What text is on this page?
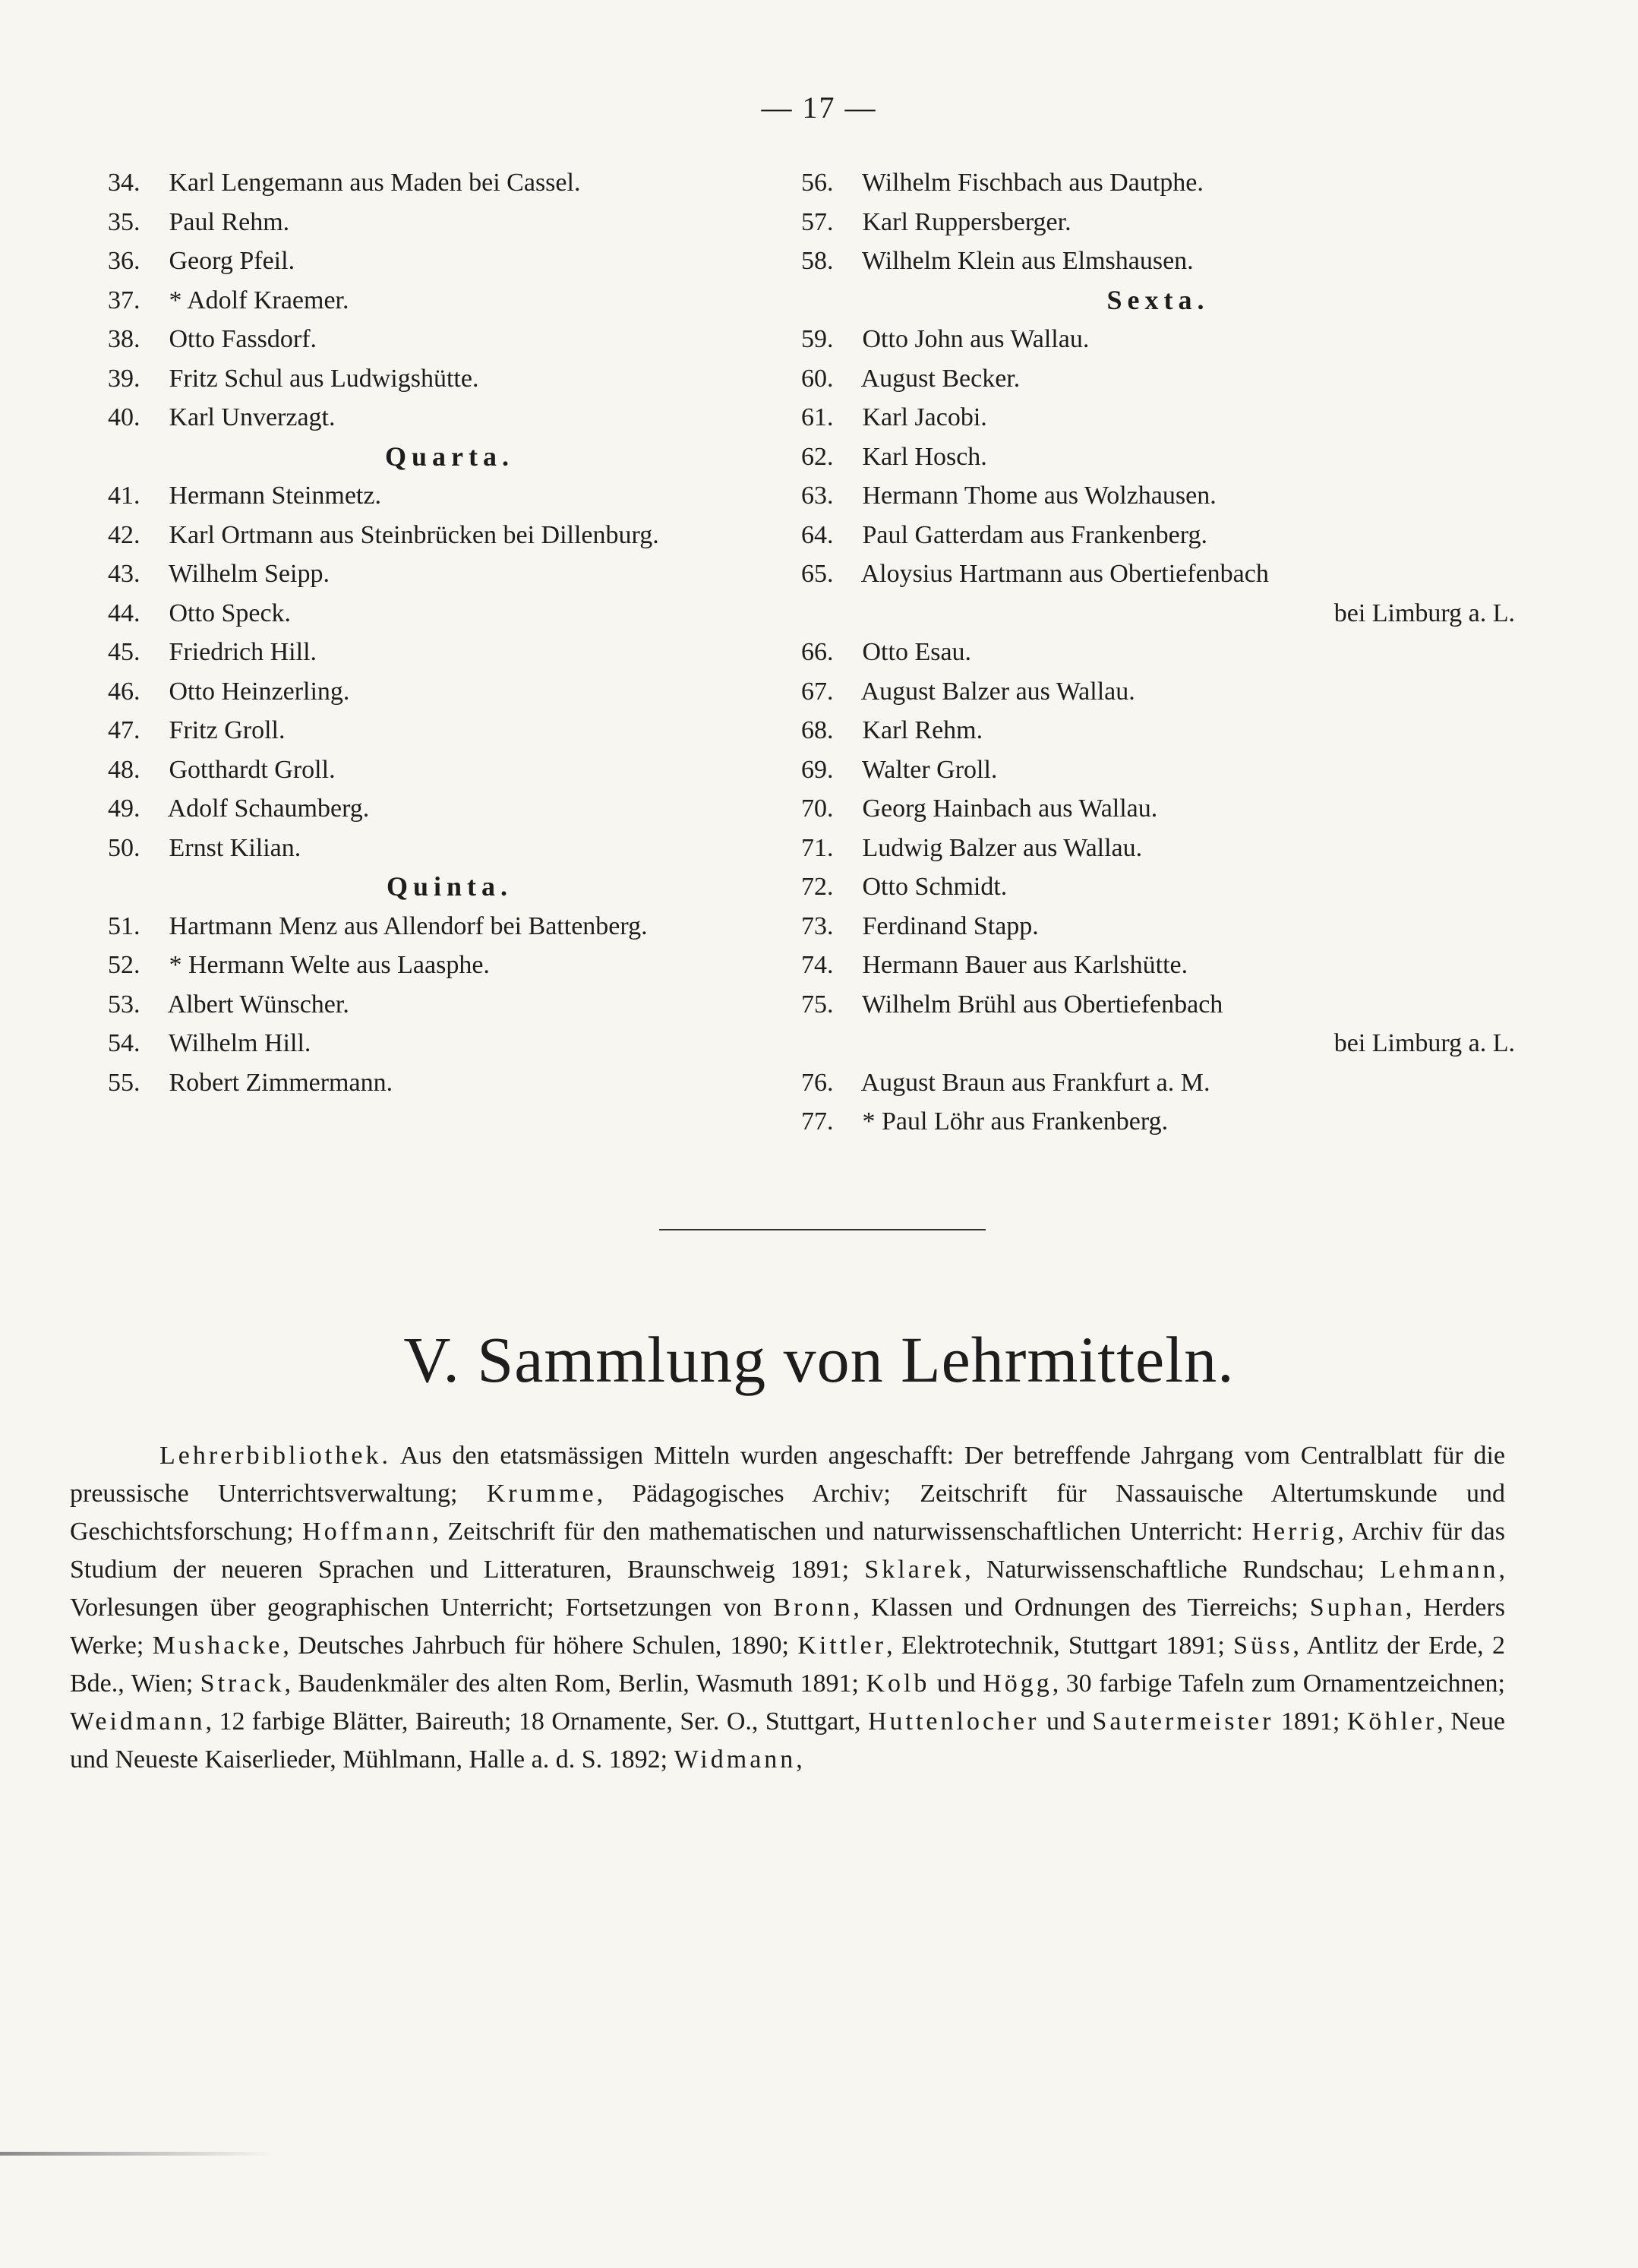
— 17 —
34. Karl Lengemann aus Maden bei Cassel.
35. Paul Rehm.
36. Georg Pfeil.
37. * Adolf Kraemer.
38. Otto Fassdorf.
39. Fritz Schul aus Ludwigshütte.
40. Karl Unverzagt.
Quarta.
41. Hermann Steinmetz.
42. Karl Ortmann aus Steinbrücken bei Dillenburg.
43. Wilhelm Seipp.
44. Otto Speck.
45. Friedrich Hill.
46. Otto Heinzerling.
47. Fritz Groll.
48. Gotthardt Groll.
49. Adolf Schaumberg.
50. Ernst Kilian.
Quinta.
51. Hartmann Menz aus Allendorf bei Battenberg.
52. * Hermann Welte aus Laasphe.
53. Albert Wünscher.
54. Wilhelm Hill.
55. Robert Zimmermann.
56. Wilhelm Fischbach aus Dautphe.
57. Karl Ruppersberger.
58. Wilhelm Klein aus Elmshausen.
Sexta.
59. Otto John aus Wallau.
60. August Becker.
61. Karl Jacobi.
62. Karl Hosch.
63. Hermann Thome aus Wolzhausen.
64. Paul Gatterdam aus Frankenberg.
65. Aloysius Hartmann aus Obertiefenbach
bei Limburg a. L.
66. Otto Esau.
67. August Balzer aus Wallau.
68. Karl Rehm.
69. Walter Groll.
70. Georg Hainbach aus Wallau.
71. Ludwig Balzer aus Wallau.
72. Otto Schmidt.
73. Ferdinand Stapp.
74. Hermann Bauer aus Karlshütte.
75. Wilhelm Brühl aus Obertiefenbach
bei Limburg a. L.
76. August Braun aus Frankfurt a. M.
77. * Paul Löhr aus Frankenberg.
V. Sammlung von Lehrmitteln.

Lehrerbibliothek. Aus den etatsmässigen Mitteln wurden angeschafft: Der betreffende Jahrgang vom Centralblatt für die preussische Unterrichtsverwaltung; Krumme, Pädagogisches Archiv; Zeitschrift für Nassauische Altertumskunde und Geschichtsforschung; Hoffmann, Zeitschrift für den mathematischen und naturwissenschaftlichen Unterricht: Herrig, Archiv für das Studium der neueren Sprachen und Litteraturen, Braunschweig 1891; Sklarek, Naturwissenschaftliche Rundschau; Lehmann, Vorlesungen über geographischen Unterricht; Fortsetzungen von Bronn, Klassen und Ordnungen des Tierreichs; Suphan, Herders Werke; Mushacke, Deutsches Jahrbuch für höhere Schulen, 1890; Kittler, Elektrotechnik, Stuttgart 1891; Süss, Antlitz der Erde, 2 Bde., Wien; Strack, Baudenkmäler des alten Rom, Berlin, Wasmuth 1891; Kolb und Högg, 30 farbige Tafeln zum Ornamentzeichnen; Weidmann, 12 farbige Blätter, Baireuth; 18 Ornamente, Ser. O., Stuttgart, Huttenlocher und Sautermeister 1891; Köhler, Neue und Neueste Kaiserlieder, Mühlmann, Halle a. d. S. 1892; Widmann,
